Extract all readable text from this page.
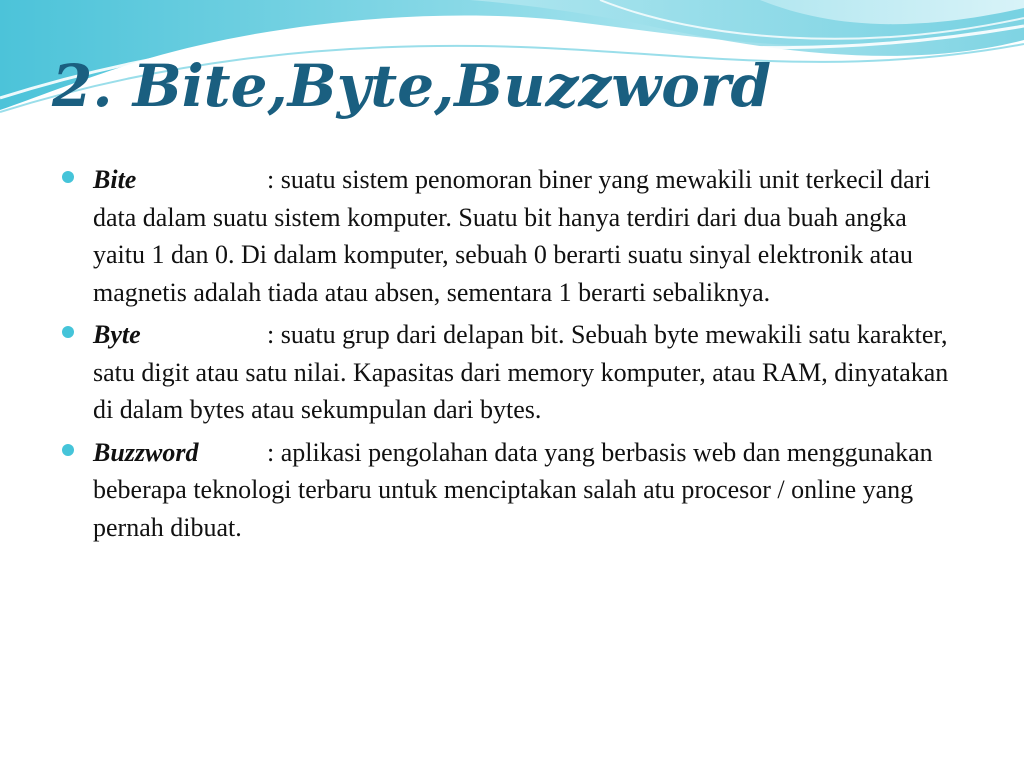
2. Bite,Byte,Buzzword
Bite	: suatu sistem penomoran biner yang mewakili unit terkecil dari data dalam suatu sistem komputer. Suatu bit hanya terdiri dari dua buah angka yaitu 1 dan 0. Di dalam komputer, sebuah 0 berarti suatu sinyal elektronik atau magnetis adalah tiada atau absen, sementara 1 berarti sebaliknya.
Byte	: suatu grup dari delapan bit. Sebuah byte mewakili satu karakter, satu digit atau satu nilai. Kapasitas dari memory komputer, atau RAM, dinyatakan di dalam bytes atau sekumpulan dari bytes.
Buzzword	: aplikasi pengolahan data yang berbasis web dan menggunakan beberapa teknologi terbaru untuk menciptakan salah atu procesor / online yang pernah dibuat.
